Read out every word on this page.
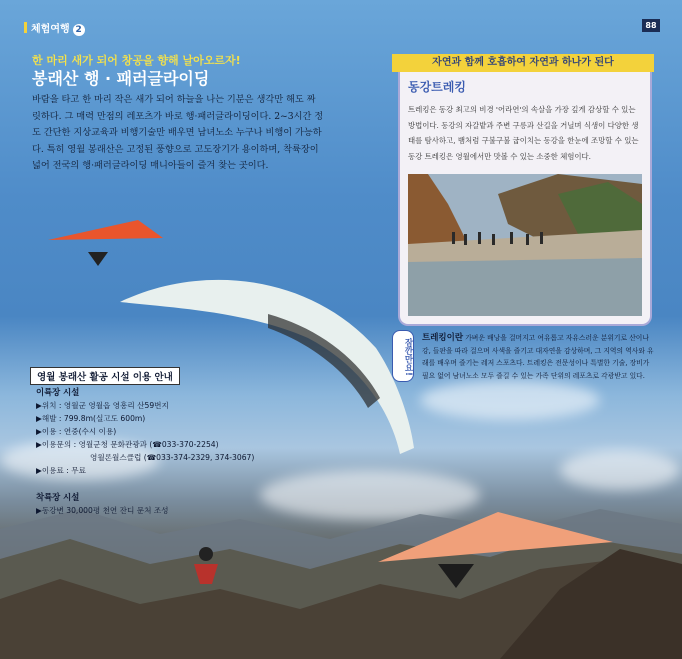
체험여행 2	88
한 마리 새가 되어 창공을 향해 날아오르자!
봉래산 행 · 패러글라이딩
바람을 타고 한 마리 작은 새가 되어 하늘을 나는 기분은 생각만 해도 짜릿하다. 그 매력 만점의 레포츠가 바로 행·패러글라이딩이다. 2~3시간 정도 간단한 지상교육과 비행기술만 배우면 남녀노소 누구나 비행이 가능하다. 특히 영월 봉래산은 고정된 풍향으로 고도장기가 용이하며, 착륙장이 넓어 전국의 행·패러글라이딩 매니아들이 즐겨 찾는 곳이다.
자연과 함께 호흡하여 자연과 하나가 된다
동강트레킹
트레킹은 동강 최고의 비경 '어라연'의 속살을 가장 깊게 감상할 수 있는 방법이다. 동강의 자갈밭과 주변 구릉과 산길을 거닐며 식생이 다양한 생태를 탐사하고, 뱀처럼 구불구불 굽이치는 동강을 한눈에 조망할 수 있는 동강 트레킹은 영월에서만 맛볼 수 있는 소중한 체험이다.
잠깐만요!
트레킹이란 가벼운 배낭을 걸머지고 여유롭고 자유스러운 분위기로 산이나 강, 들판을 따라 걸으며 사색을 즐기고 대자연을 감상하며, 그 지역의 역사와 유래를 배우며 즐기는 레저 스포츠다. 트레킹은 전문성이나 특별한 기술, 장비가 필요 없어 남녀노소 모두 즐길 수 있는 가족 단위의 레포츠로 각광받고 있다.
영월 봉래산 활공 시설 이용 안내
이륙장 시설
▶위치 : 영월군 영월읍 영흥리 산59번지
▶해발 : 799.8m(실고도 600m)
▶이용 : 연중(수시 이용)
▶이용문의 : 영월군청 문화관광과 (☎033-370-2254)
영월론월스클럽 (☎033-374-2329, 374-3067)
▶이용료 : 무료
착륙장 시설
▶동강변 30,000평 천연 잔디 문처 조성
